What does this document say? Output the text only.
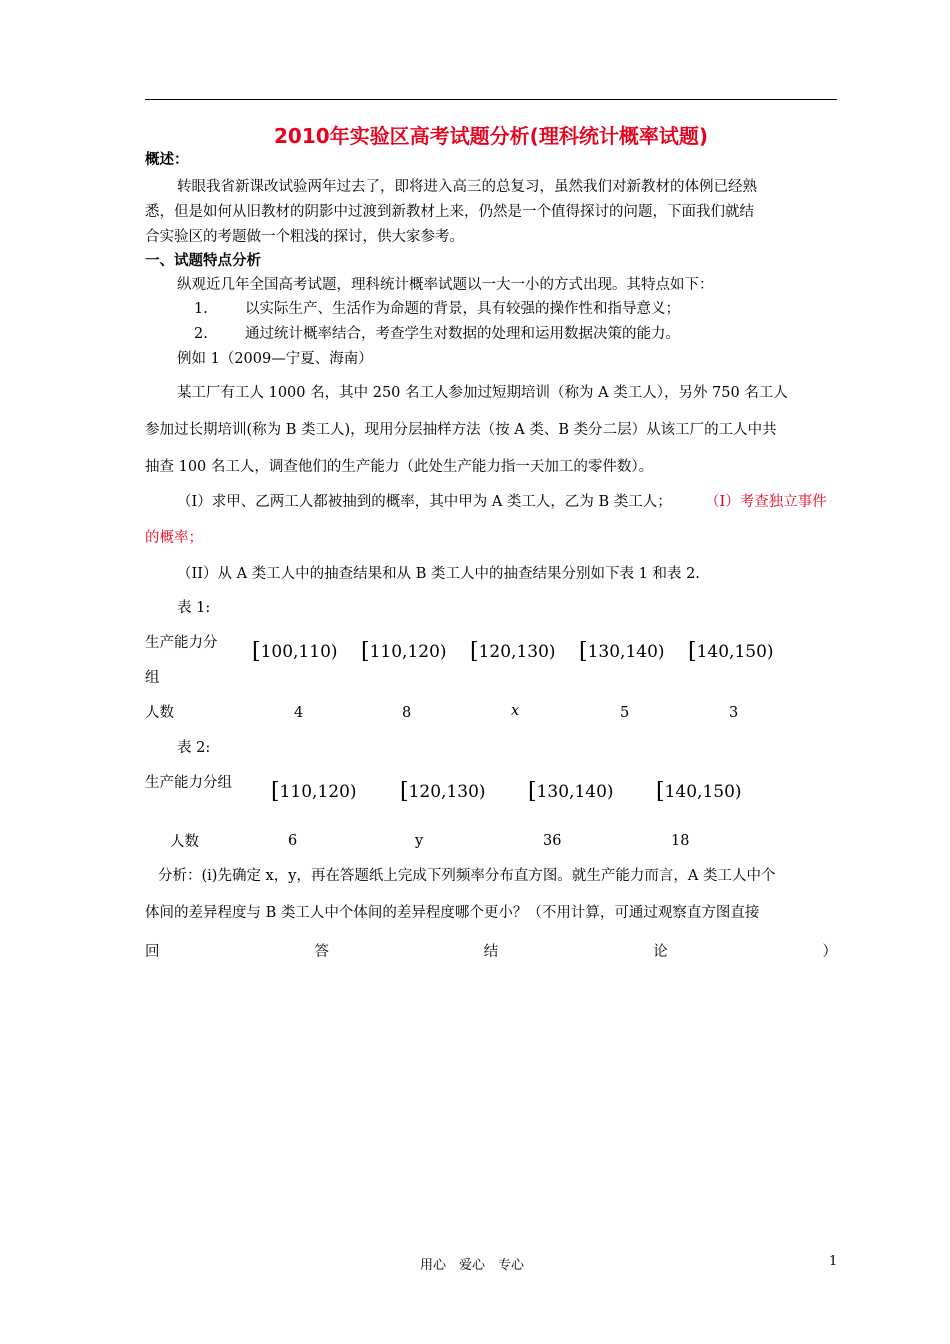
2010年实验区高考试题分析(理科统计概率试题)
概述：
转眼我省新课改试验两年过去了，即将进入高三的总复习，虽然我们对新教材的体例已经熟
悉，但是如何从旧教材的阴影中过渡到新教材上来，仍然是一个值得探讨的问题，下面我们就结
合实验区的考题做一个粗浅的探讨，供大家参考。
一、试题特点分析
纵观近几年全国高考试题，理科统计概率试题以一大一小的方式出现。其特点如下：
1.	以实际生产、生活作为命题的背景，具有较强的操作性和指导意义；
2.	通过统计概率结合，考查学生对数据的处理和运用数据决策的能力。
例如 1（2009—宁夏、海南）
某工厂有工人 1000 名，其中 250 名工人参加过短期培训（称为 A 类工人），另外 750 名工人
参加过长期培训(称为 B 类工人)，现用分层抽样方法（按 A 类、B 类分二层）从该工厂的工人中共
抽查 100 名工人，调查他们的生产能力（此处生产能力指一天加工的零件数）。
（I）求甲、乙两工人都被抽到的概率，其中甲为 A 类工人，乙为 B 类工人； （I）考查独立事件
的概率；
（II）从 A 类工人中的抽查结果和从 B 类工人中的抽查结果分别如下表 1 和表 2.
表 1:
生产能力分
组
[100,110) [110,120) [120,130) [130,140) [140,150)
人数	4	8	x	5	3
表 2:
生产能力分组 [110,120) [120,130) [130,140) [140,150)
人数	6	y	36	18
分析：(ⅰ)先确定 x，y，再在答题纸上完成下列频率分布直方图。就生产能力而言，A 类工人中个
体间的差异程度与 B 类工人中个体间的差异程度哪个更小？（不用计算，可通过观察直方图直接
回	答	结	论	）
用心　爱心　专心	1
